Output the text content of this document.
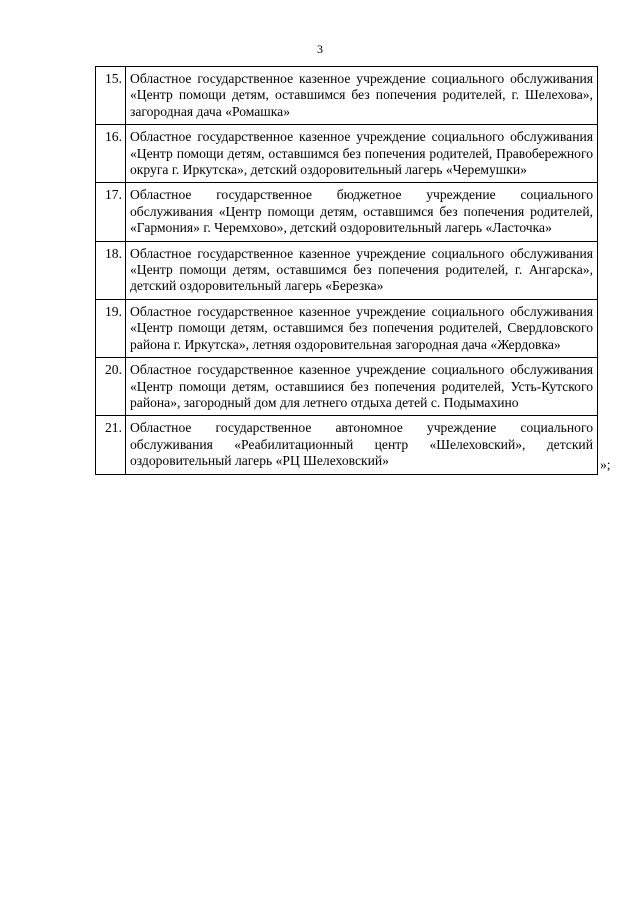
3
15.	Областное государственное казенное учреждение социального обслуживания «Центр помощи детям, оставшимся без попечения родителей, г. Шелехова», загородная дача «Ромашка»
16.	Областное государственное казенное учреждение социального обслуживания «Центр помощи детям, оставшимся без попечения родителей, Правобережного округа г. Иркутска», детский оздоровительный лагерь «Черемушки»
17.	Областное государственное бюджетное учреждение социального обслуживания «Центр помощи детям, оставшимся без попечения родителей, «Гармония» г. Черемхово», детский оздоровительный лагерь «Ласточка»
18.	Областное государственное казенное учреждение социального обслуживания «Центр помощи детям, оставшимся без попечения родителей, г. Ангарска», детский оздоровительный лагерь «Березка»
19.	Областное государственное казенное учреждение социального обслуживания «Центр помощи детям, оставшимся без попечения родителей, Свердловского района г. Иркутска», летняя оздоровительная загородная дача «Жердовка»
20.	Областное государственное казенное учреждение социального обслуживания «Центр помощи детям, оставшиися без попечения родителей, Усть-Кутского района», загородный дом для летнего отдыха детей с. Подымахино
21.	Областное государственное автономное учреждение социального обслуживания «Реабилитационный центр «Шелеховский», детский оздоровительный лагерь «РЦ Шелеховский»	»;
